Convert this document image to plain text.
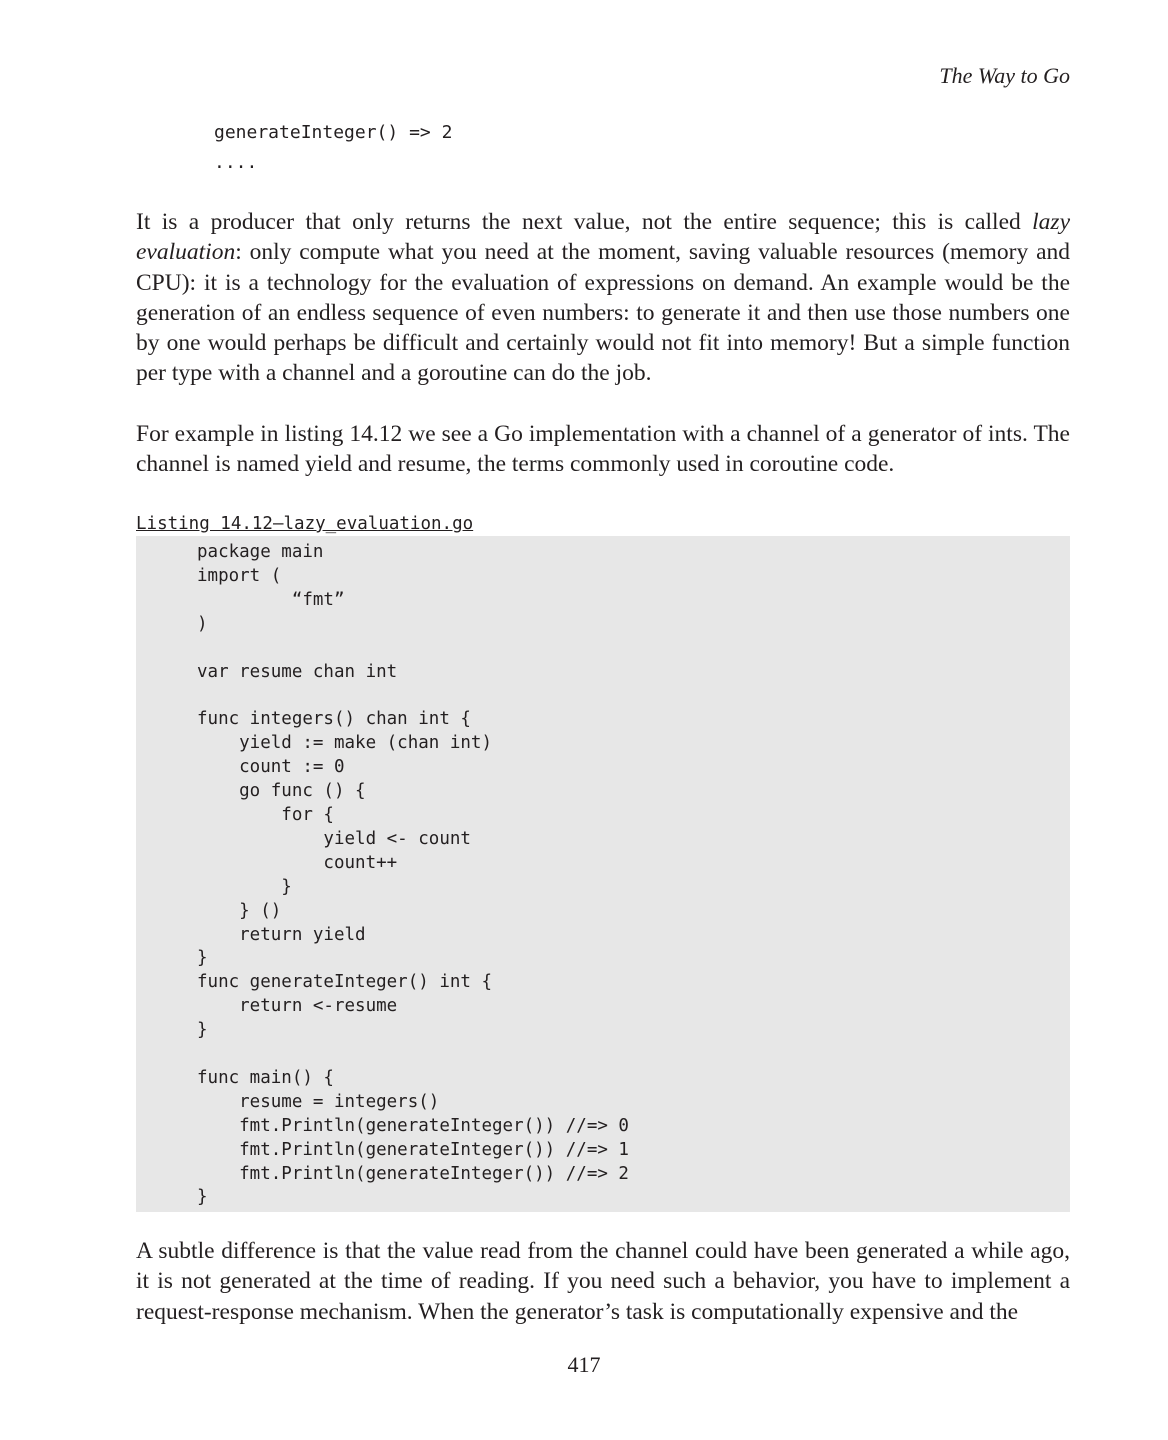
The Way to Go
generateInteger() => 2
....

It is a producer that only returns the next value, not the entire sequence; this is called lazy evaluation: only compute what you need at the moment, saving valuable resources (memory and CPU): it is a technology for the evaluation of expressions on demand. An example would be the generation of an endless sequence of even numbers: to generate it and then use those numbers one by one would perhaps be difficult and certainly would not fit into memory! But a simple function per type with a channel and a goroutine can do the job.

For example in listing 14.12 we see a Go implementation with a channel of a generator of ints. The channel is named yield and resume, the terms commonly used in coroutine code.

Listing 14.12—lazy_evaluation.go
package main
import (
“fmt”
)

var resume chan int

func integers() chan int {
yield := make (chan int)
count := 0
go func () {
for {
yield <- count
count++
}
} ()
return yield
}
func generateInteger() int {
return <-resume
}

func main() {
resume = integers()
fmt.Println(generateInteger()) //=> 0
fmt.Println(generateInteger()) //=> 1
fmt.Println(generateInteger()) //=> 2
}

A subtle difference is that the value read from the channel could have been generated a while ago, it is not generated at the time of reading. If you need such a behavior, you have to implement a request-response mechanism. When the generator’s task is computationally expensive and the

417
